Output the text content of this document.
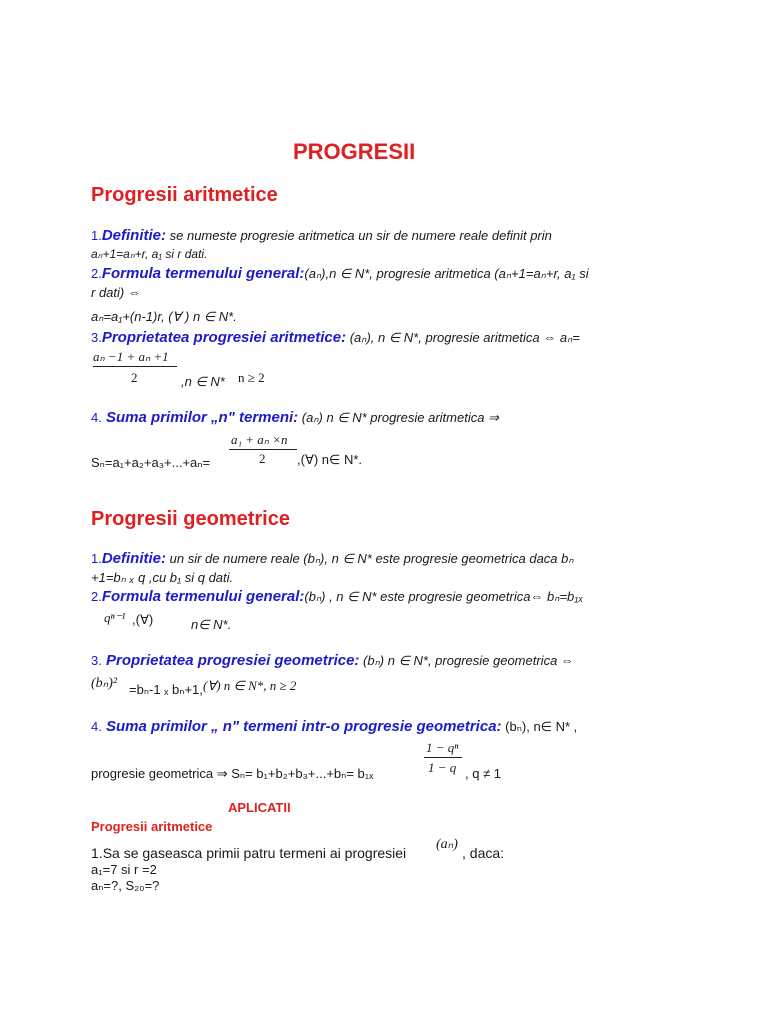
PROGRESII
Progresii aritmetice
1.Definitie: se numeste progresie aritmetica un sir de numere reale definit prin
aₙ+1=aₙ+r, a₁ si r dati.
2.Formula termenului general:(aₙ),n ∈ N*, progresie aritmetica (aₙ+1=aₙ+r, a₁ si
r dati) ⇔
aₙ=a₁+(n-1)r, (∀ ) n ∈ N*.
3.Proprietatea progresiei aritmetice: (aₙ), n ∈ N*, progresie aritmetica ⇔ aₙ=
aₙ −1 + aₙ +1
2	,n ∈ N* n ≥ 2
4. Suma primilor „n" termeni: (aₙ) n ∈ N* progresie aritmetica ⇒
a₁ + aₙ ×n
2
Sₙ=a₁+a₂+a₃+...+aₙ=	,(∀) n∈ N*.
Progresii geometrice
1.Definitie: un sir de numere reale (bₙ), n ∈ N* este progresie geometrica daca bₙ
+1=bₙ ₓ q ,cu b₁ si q dati.
2.Formula termenului general:(bₙ) , n ∈ N* este progresie geometrica⇔ bₙ=b₁ₓ
qⁿ⁻¹ ,(∀)	n∈ N*.
3. Proprietatea progresiei geometrice: (bₙ) n ∈ N*, progresie geometrica ⇔
(bₙ)² =bₙ-1 ₓ bₙ+1, (∀) n ∈ N*, n ≥ 2
4. Suma primilor „ n" termeni intr-o progresie geometrica: (bₙ), n∈ N* ,
1 − qⁿ
1 − q
progresie geometrica ⇒ Sₙ= b₁+b₂+b₃+...+bₙ= b₁ₓ	, q ≠ 1
APLICATII
Progresii aritmetice
1.Sa se gaseasca primii patru termeni ai progresiei
(aₙ)
, daca:
a₁=7 si r =2
aₙ=?, S₂₀=?
